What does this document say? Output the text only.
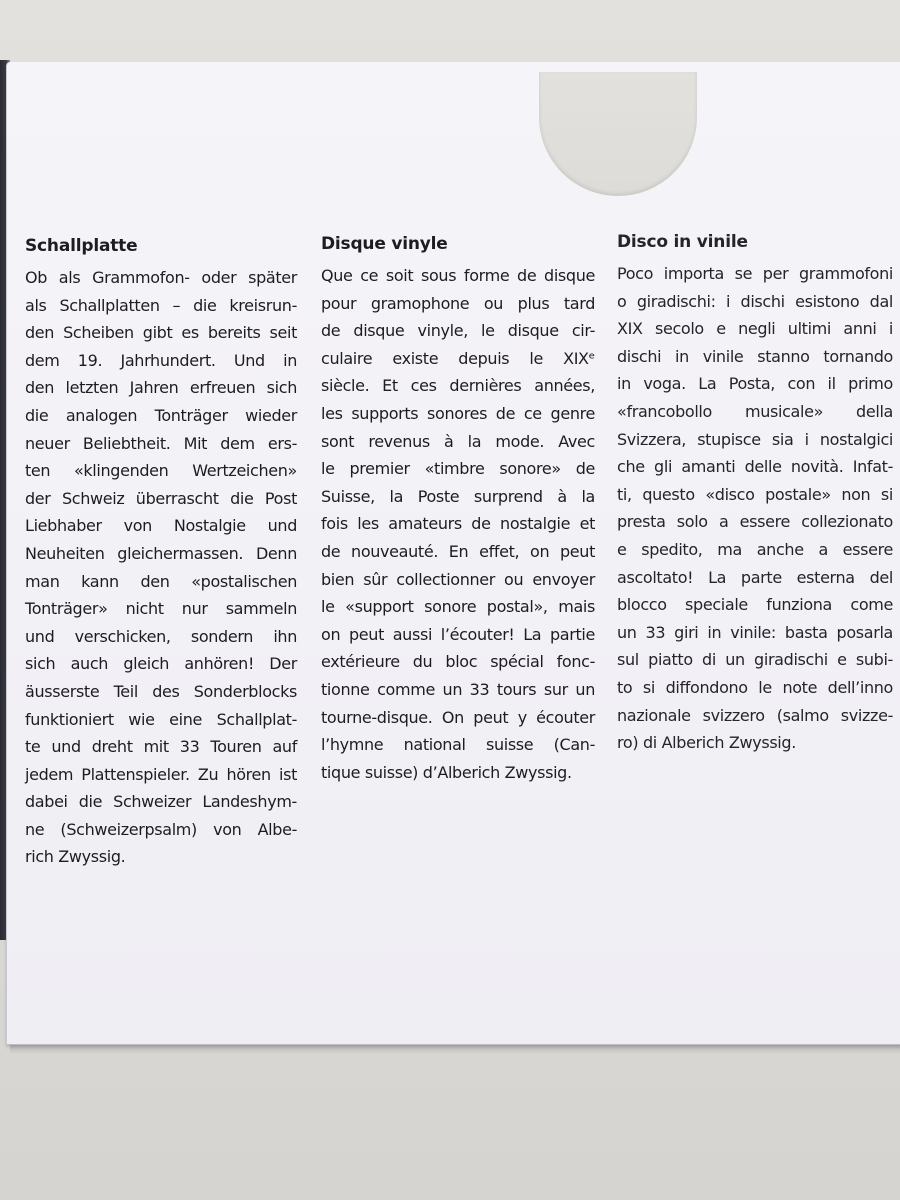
Schallplatte
Ob als Grammofon- oder später
als Schallplatten – die kreisrun-
den Scheiben gibt es bereits seit
dem 19. Jahrhundert. Und in
den letzten Jahren erfreuen sich
die analogen Tonträger wieder
neuer Beliebtheit. Mit dem ers-
ten «klingenden Wertzeichen»
der Schweiz überrascht die Post
Liebhaber von Nostalgie und
Neuheiten gleichermassen. Denn
man kann den «postalischen
Tonträger» nicht nur sammeln
und verschicken, sondern ihn
sich auch gleich anhören! Der
äusserste Teil des Sonderblocks
funktioniert wie eine Schallplat-
te und dreht mit 33 Touren auf
jedem Plattenspieler. Zu hören ist
dabei die Schweizer Landeshym-
ne (Schweizerpsalm) von Albe-
rich Zwyssig.
Disque vinyle
Que ce soit sous forme de disque
pour gramophone ou plus tard
de disque vinyle, le disque cir-
culaire existe depuis le XIXᵉ
siècle. Et ces dernières années,
les supports sonores de ce genre
sont revenus à la mode. Avec
le premier «timbre sonore» de
Suisse, la Poste surprend à la
fois les amateurs de nostalgie et
de nouveauté. En effet, on peut
bien sûr collectionner ou envoyer
le «support sonore postal», mais
on peut aussi l’écouter! La partie
extérieure du bloc spécial fonc-
tionne comme un 33 tours sur un
tourne-disque. On peut y écouter
l’hymne national suisse (Can-
tique suisse) d’Alberich Zwyssig.
Disco in vinile
Poco importa se per grammofoni
o giradischi: i dischi esistono dal
XIX secolo e negli ultimi anni i
dischi in vinile stanno tornando
in voga. La Posta, con il primo
«francobollo musicale» della
Svizzera, stupisce sia i nostalgici
che gli amanti delle novità. Infat-
ti, questo «disco postale» non si
presta solo a essere collezionato
e spedito, ma anche a essere
ascoltato! La parte esterna del
blocco speciale funziona come
un 33 giri in vinile: basta posarla
sul piatto di un giradischi e subi-
to si diffondono le note dell’inno
nazionale svizzero (salmo svizze-
ro) di Alberich Zwyssig.
